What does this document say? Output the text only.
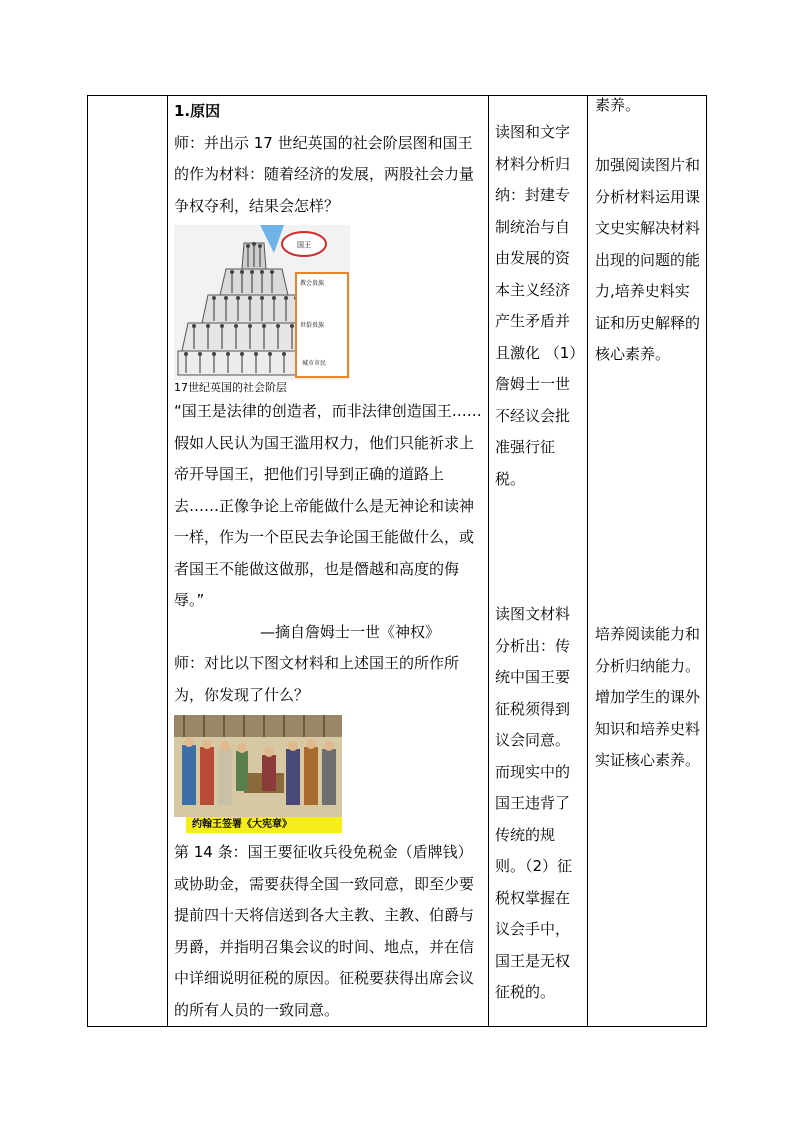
1.原因

师：并出示 17 世纪英国的社会阶层图和国王的作为材料：随着经济的发展，两股社会力量争权夺利，结果会怎样？

国王
教会贵族
世俗贵族
城市市民

17世纪英国的社会阶层

“国王是法律的创造者，而非法律创造国王……假如人民认为国王滥用权力，他们只能祈求上帝开导国王，把他们引导到正确的道路上去……正像争论上帝能做什么是无神论和读神一样，作为一个臣民去争论国王能做什么，或者国王不能做这做那，也是僭越和高度的侮辱。”

—摘自詹姆士一世《神权》

师：对比以下图文材料和上述国王的所作所为，你发现了什么？

约翰王签署《大宪章》

第 14 条：国王要征收兵役免税金（盾牌钱）或协助金，需要获得全国一致同意，即至少要提前四十天将信送到各大主教、主教、伯爵与男爵，并指明召集会议的时间、地点，并在信中详细说明征税的原因。征税要获得出席会议的所有人员的一致同意。

读图和文字材料分析归纳：封建专制统治与自由发展的资本主义经济产生矛盾并且激化 （1）詹姆士一世不经议会批准强行征税。

读图文材料分析出：传统中国王要征税须得到议会同意。而现实中的国王违背了传统的规则。（2）征税权掌握在议会手中，国王是无权征税的。

素养。

加强阅读图片和分析材料运用课文史实解决材料出现的问题的能力,培养史料实证和历史解释的核心素养。

培养阅读能力和分析归纳能力。

增加学生的课外知识和培养史料实证核心素养。
